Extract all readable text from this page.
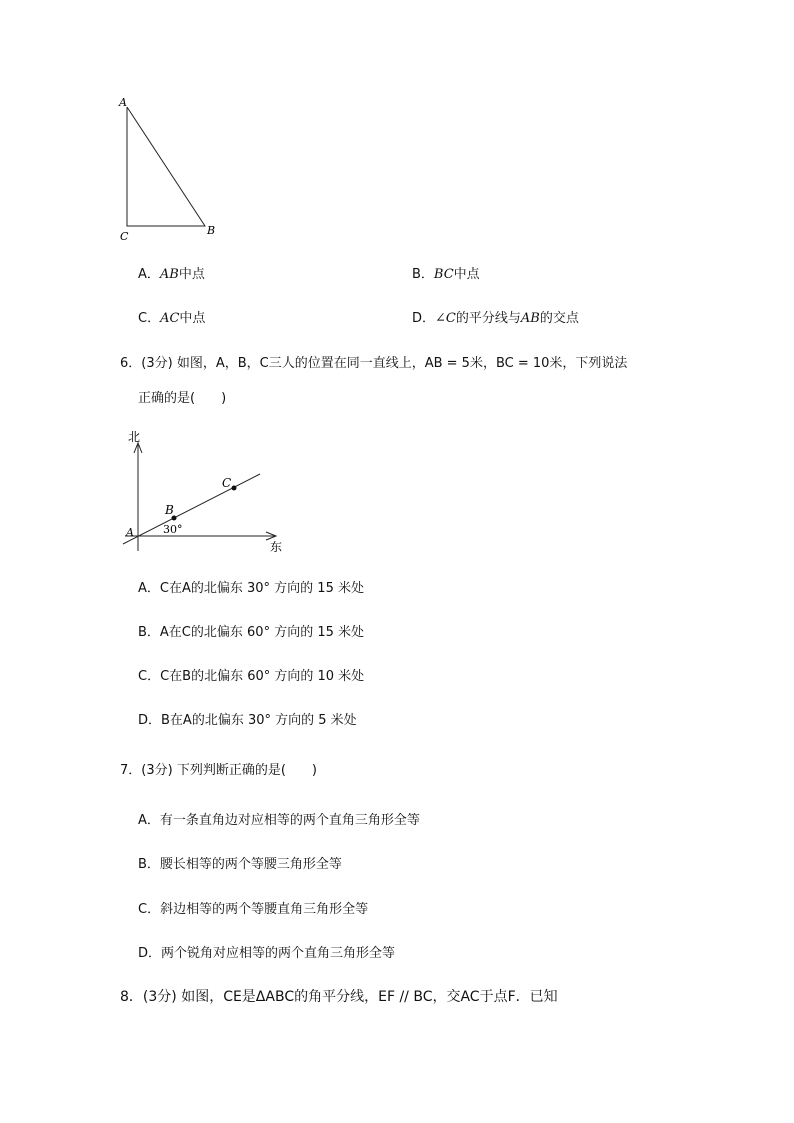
A
C	B
A．AB中点	B．BC中点
C．AC中点	D．∠C的平分线与AB的交点
6．(3分) 如图，A，B，C三人的位置在同一直线上，AB = 5米，BC = 10米，下列说法
正确的是(　　)
北
东
A
B
C
30°
A．C在A的北偏东 30° 方向的 15 米处
B．A在C的北偏东 60° 方向的 15 米处
C．C在B的北偏东 60° 方向的 10 米处
D．B在A的北偏东 30° 方向的 5 米处
7．(3分) 下列判断正确的是(　　)
A．有一条直角边对应相等的两个直角三角形全等
B．腰长相等的两个等腰三角形全等
C．斜边相等的两个等腰直角三角形全等
D．两个锐角对应相等的两个直角三角形全等
8．(3分) 如图，CE是ΔABC的角平分线，EF // BC，交AC于点F．已知
